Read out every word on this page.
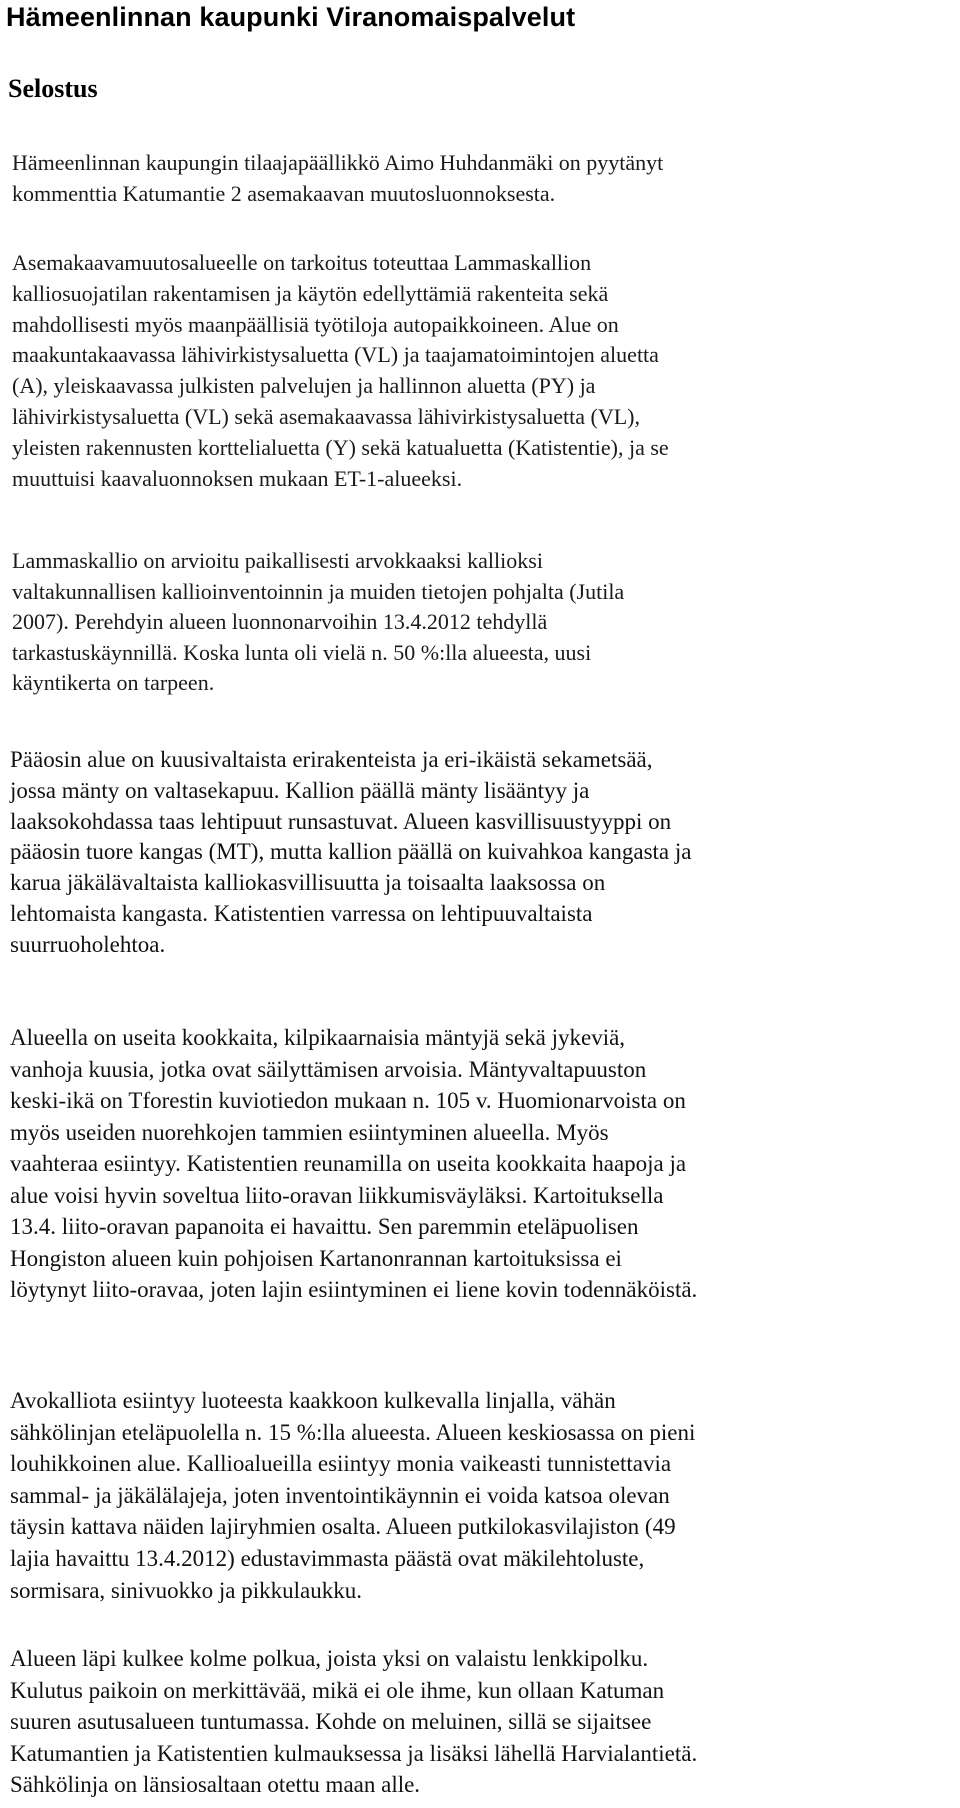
Hämeenlinnan kaupunki Viranomaispalvelut
Selostus
Hämeenlinnan kaupungin tilaajapäällikkö Aimo Huhdanmäki on pyytänyt
kommenttia Katumantie 2 asemakaavan muutosluonnoksesta.
Asemakaavamuutosalueelle on tarkoitus toteuttaa Lammaskallion
kalliosuojatilan rakentamisen ja käytön edellyttämiä rakenteita sekä
mahdollisesti myös maanpäällisiä työtiloja autopaikkoineen. Alue on
maakuntakaavassa lähivirkistysaluetta (VL) ja taajamatoimintojen aluetta
(A), yleiskaavassa julkisten palvelujen ja hallinnon aluetta (PY) ja
lähivirkistysaluetta (VL) sekä asemakaavassa lähivirkistysaluetta (VL),
yleisten rakennusten korttelialuetta (Y) sekä katualuetta (Katistentie), ja se
muuttuisi kaavaluonnoksen mukaan ET-1-alueeksi.
Lammaskallio on arvioitu paikallisesti arvokkaaksi kallioksi
valtakunnallisen kallioinventoinnin ja muiden tietojen pohjalta (Jutila
2007). Perehdyin alueen luonnonarvoihin 13.4.2012 tehdyllä
tarkastuskäynnillä. Koska lunta oli vielä n. 50 %:lla alueesta, uusi
käyntikerta on tarpeen.
Pääosin alue on kuusivaltaista erirakenteista ja eri-ikäistä sekametsää,
jossa mänty on valtasekapuu. Kallion päällä mänty lisääntyy ja
laaksokohdassa taas lehtipuut runsastuvat. Alueen kasvillisuustyyppi on
pääosin tuore kangas (MT), mutta kallion päällä on kuivahkoa kangasta ja
karua jäkälävaltaista kalliokasvillisuutta ja toisaalta laaksossa on
lehtomaista kangasta. Katistentien varressa on lehtipuuvaltaista
suurruoholehtoa.
Alueella on useita kookkaita, kilpikaarnaisia mäntyjä sekä jykeviä,
vanhoja kuusia, jotka ovat säilyttämisen arvoisia. Mäntyvaltapuuston
keski-ikä on Tforestin kuviotiedon mukaan n. 105 v. Huomionarvoista on
myös useiden nuorehkojen tammien esiintyminen alueella. Myös
vaahteraa esiintyy. Katistentien reunamilla on useita kookkaita haapoja ja
alue voisi hyvin soveltua liito-oravan liikkumisväyläksi. Kartoituksella
13.4. liito-oravan papanoita ei havaittu. Sen paremmin eteläpuolisen
Hongiston alueen kuin pohjoisen Kartanonrannan kartoituksissa ei
löytynyt liito-oravaa, joten lajin esiintyminen ei liene kovin todennäköistä.
Avokalliota esiintyy luoteesta kaakkoon kulkevalla linjalla, vähän
sähkölinjan eteläpuolella n. 15 %:lla alueesta. Alueen keskiosassa on pieni
louhikkoinen alue. Kallioalueilla esiintyy monia vaikeasti tunnistettavia
sammal- ja jäkälälajeja, joten inventointikäynnin ei voida katsoa olevan
täysin kattava näiden lajiryhmien osalta. Alueen putkilokasvilajiston (49
lajia havaittu 13.4.2012) edustavimmasta päästä ovat mäkilehtoluste,
sormisara, sinivuokko ja pikkulaukku.
Alueen läpi kulkee kolme polkua, joista yksi on valaistu lenkkipolku.
Kulutus paikoin on merkittävää, mikä ei ole ihme, kun ollaan Katuman
suuren asutusalueen tuntumassa. Kohde on meluinen, sillä se sijaitsee
Katumantien ja Katistentien kulmauksessa ja lisäksi lähellä Harvialantietä.
Sähkölinja on länsiosaltaan otettu maan alle.
